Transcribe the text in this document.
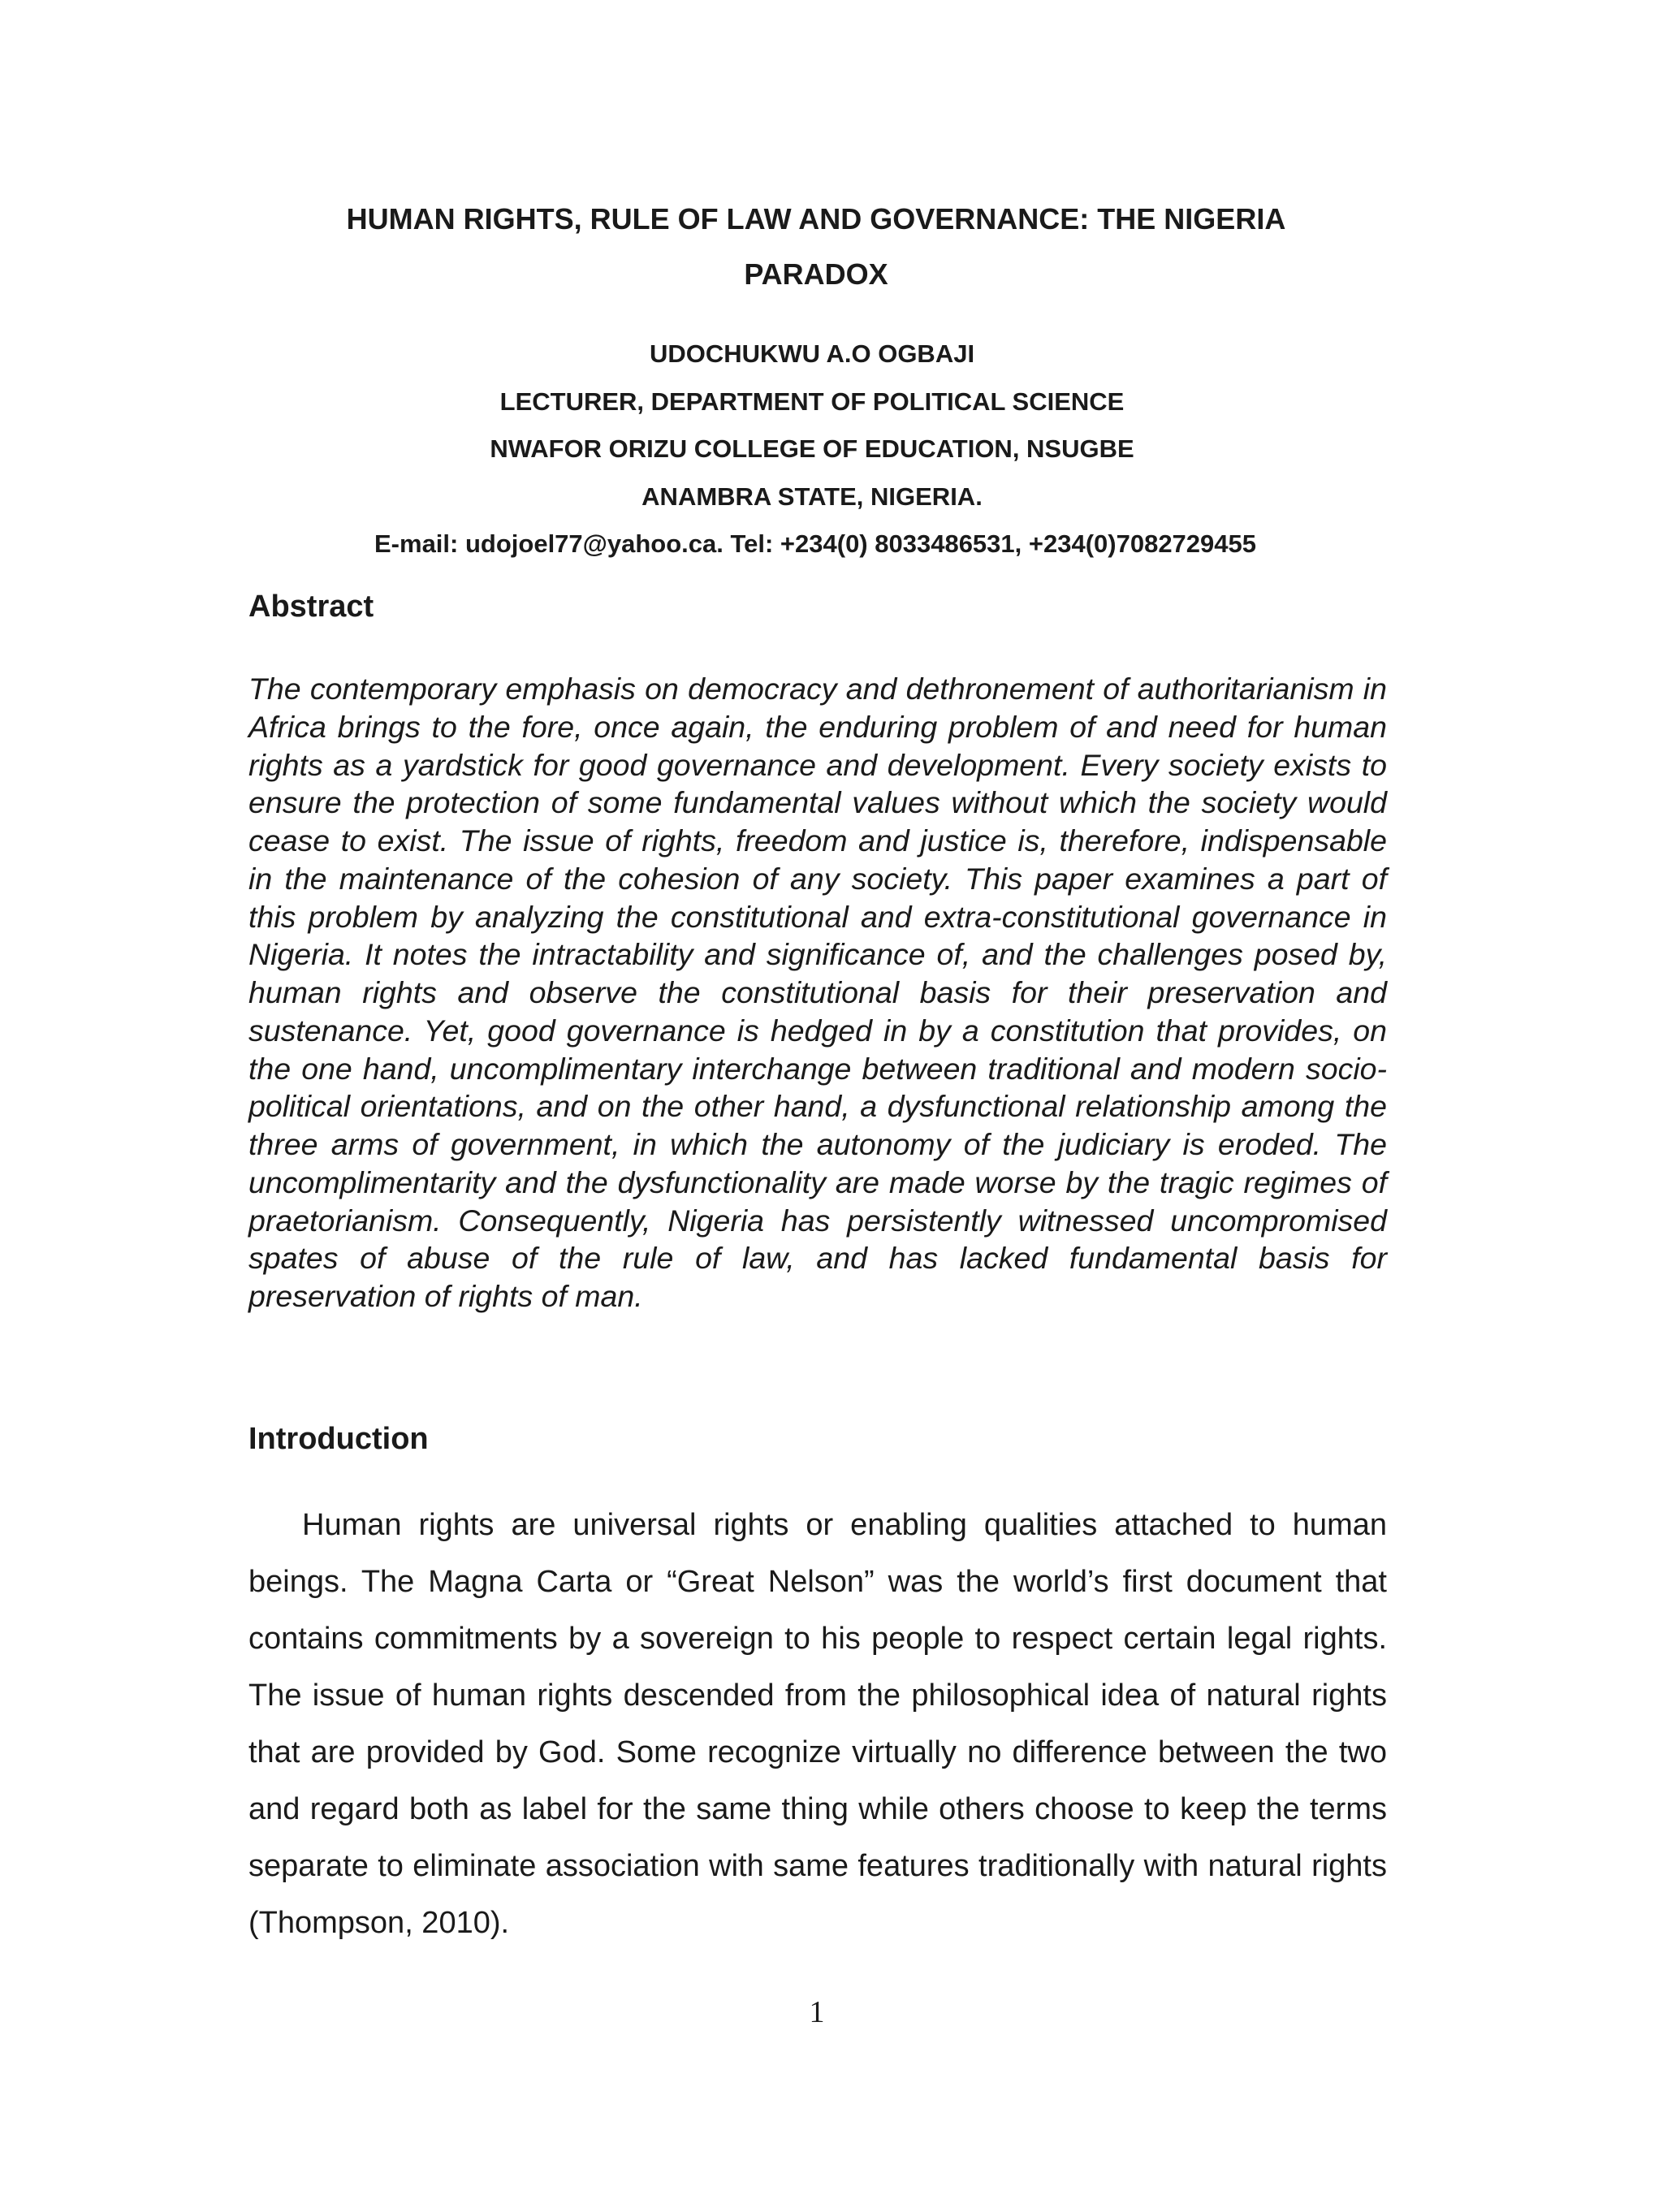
HUMAN RIGHTS, RULE OF LAW AND GOVERNANCE: THE NIGERIA
PARADOX
UDOCHUKWU A.O OGBAJI
LECTURER, DEPARTMENT OF POLITICAL SCIENCE
NWAFOR ORIZU COLLEGE OF EDUCATION, NSUGBE
ANAMBRA STATE, NIGERIA.
E-mail: udojoel77@yahoo.ca. Tel: +234(0) 8033486531, +234(0)7082729455
Abstract

The contemporary emphasis on democracy and dethronement of authoritarianism in Africa brings to the fore, once again, the enduring problem of and need for human rights as a yardstick for good governance and development. Every society exists to ensure the protection of some fundamental values without which the society would cease to exist. The issue of rights, freedom and justice is, therefore, indispensable in the maintenance of the cohesion of any society. This paper examines a part of this problem by analyzing the constitutional and extra-constitutional governance in Nigeria. It notes the intractability and significance of, and the challenges posed by, human rights and observe the constitutional basis for their preservation and sustenance. Yet, good governance is hedged in by a constitution that provides, on the one hand, uncomplimentary interchange between traditional and modern socio-political orientations, and on the other hand, a dysfunctional relationship among the three arms of government, in which the autonomy of the judiciary is eroded. The uncomplimentarity and the dysfunctionality are made worse by the tragic regimes of praetorianism. Consequently, Nigeria has persistently witnessed uncompromised spates of abuse of the rule of law, and has lacked fundamental basis for preservation of rights of man.

Introduction

Human rights are universal rights or enabling qualities attached to human beings. The Magna Carta or “Great Nelson” was the world’s first document that contains commitments by a sovereign to his people to respect certain legal rights. The issue of human rights descended from the philosophical idea of natural rights that are provided by God. Some recognize virtually no difference between the two and regard both as label for the same thing while others choose to keep the terms separate to eliminate association with same features traditionally with natural rights (Thompson, 2010).

1
